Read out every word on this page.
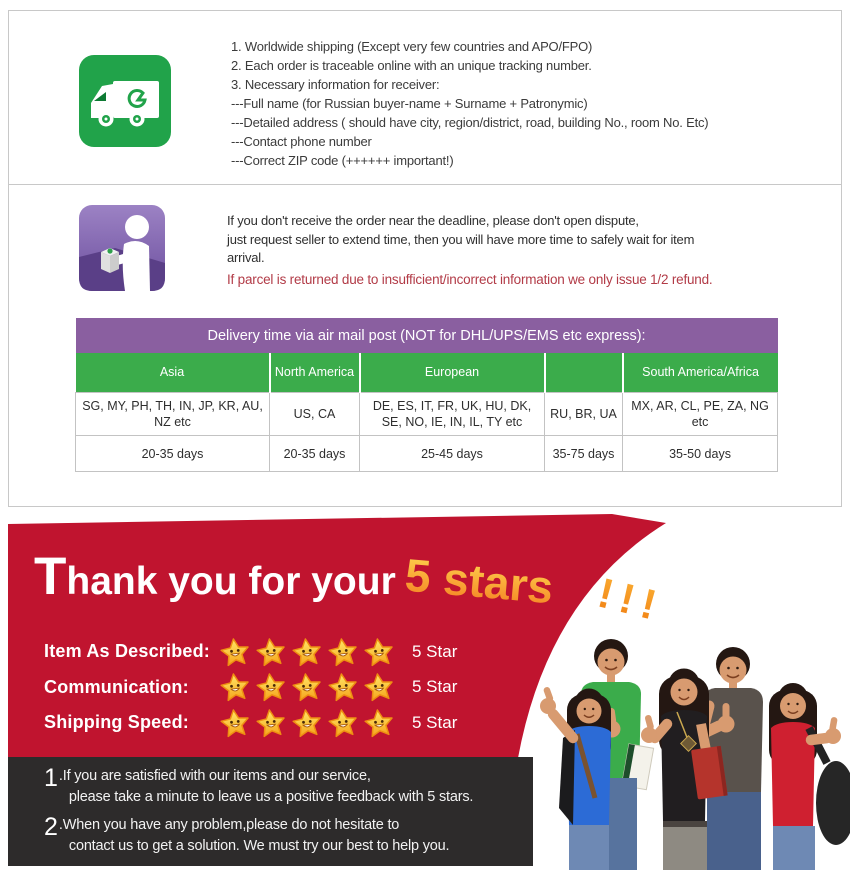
1. Worldwide shipping (Except very few countries and APO/FPO)
2. Each order is traceable online with an unique tracking number.
3. Necessary information for receiver:
---Full name (for Russian buyer-name + Surname + Patronymic)
---Detailed address ( should have city, region/district, road, building No., room No. Etc)
---Contact phone number
---Correct ZIP code (++++++ important!)
If you don't receive the order near the deadline, please don't open dispute,
just request seller to extend time, then you will have more time to safely wait for item
arrival.
If parcel is returned due to insufficient/incorrect information we only issue 1/2 refund.
Delivery time via air mail post (NOT for DHL/UPS/EMS etc express):				
Asia	North America	European		South America/Africa
SG, MY, PH, TH, IN, JP, KR, AU, NZ etc	US, CA	DE, ES, IT, FR, UK, HU, DK, SE, NO, IE, IN, IL, TY etc	RU, BR, UA	MX, AR, CL, PE, ZA, NG etc
20-35 days	20-35 days	25-45 days	35-75 days	35-50 days
Thank you for your 5 stars !!!
Item As Described:	5 Star
Communication:	5 Star
Shipping Speed:	5 Star
1 .If you are satisfied with our items and our service,
please take a minute to leave us a positive feedback with 5 stars.
2 .When you have any problem,please do not hesitate to
contact us to get a solution. We must try our best to help you.
